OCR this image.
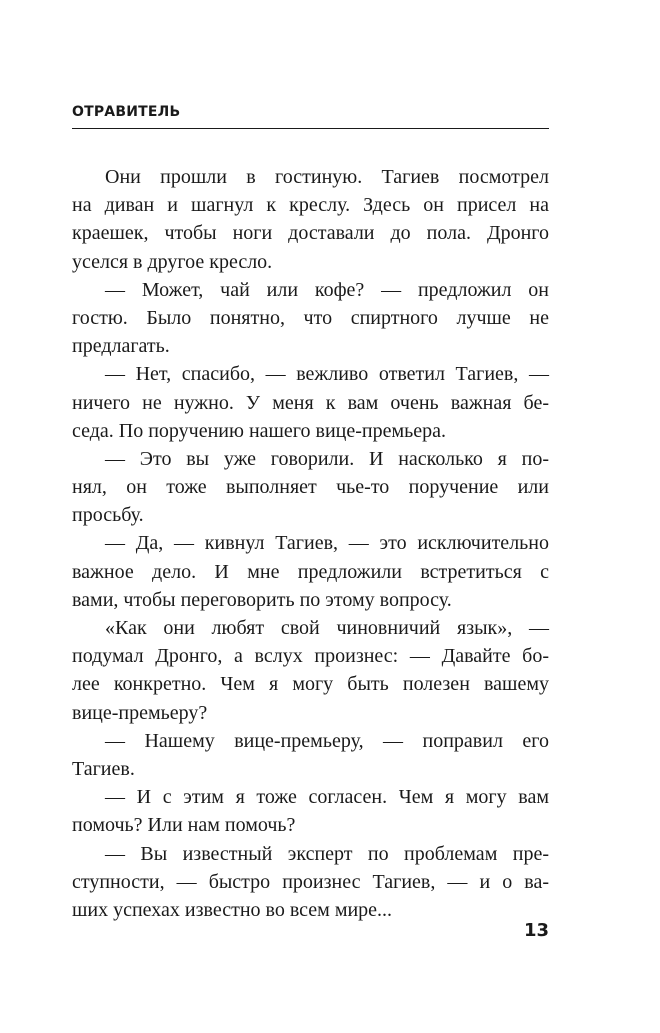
ОТРАВИТЕЛЬ
Они прошли в гостиную. Тагиев посмотрел
на диван и шагнул к креслу. Здесь он присел на
краешек, чтобы ноги доставали до пола. Дронго
уселся в другое кресло.
— Может, чай или кофе? — предложил он
гостю. Было понятно, что спиртного лучше не
предлагать.
— Нет, спасибо, — вежливо ответил Тагиев, —
ничего не нужно. У меня к вам очень важная бе-
седа. По поручению нашего вице-премьера.
— Это вы уже говорили. И насколько я по-
нял, он тоже выполняет чье-то поручение или
просьбу.
— Да, — кивнул Тагиев, — это исключительно
важное дело. И мне предложили встретиться с
вами, чтобы переговорить по этому вопросу.
«Как они любят свой чиновничий язык», —
подумал Дронго, а вслух произнес: — Давайте бо-
лее конкретно. Чем я могу быть полезен вашему
вице-премьеру?
— Нашему вице-премьеру, — поправил его
Тагиев.
— И с этим я тоже согласен. Чем я могу вам
помочь? Или нам помочь?
— Вы известный эксперт по проблемам пре-
ступности, — быстро произнес Тагиев, — и о ва-
ших успехах известно во всем мире...
13
